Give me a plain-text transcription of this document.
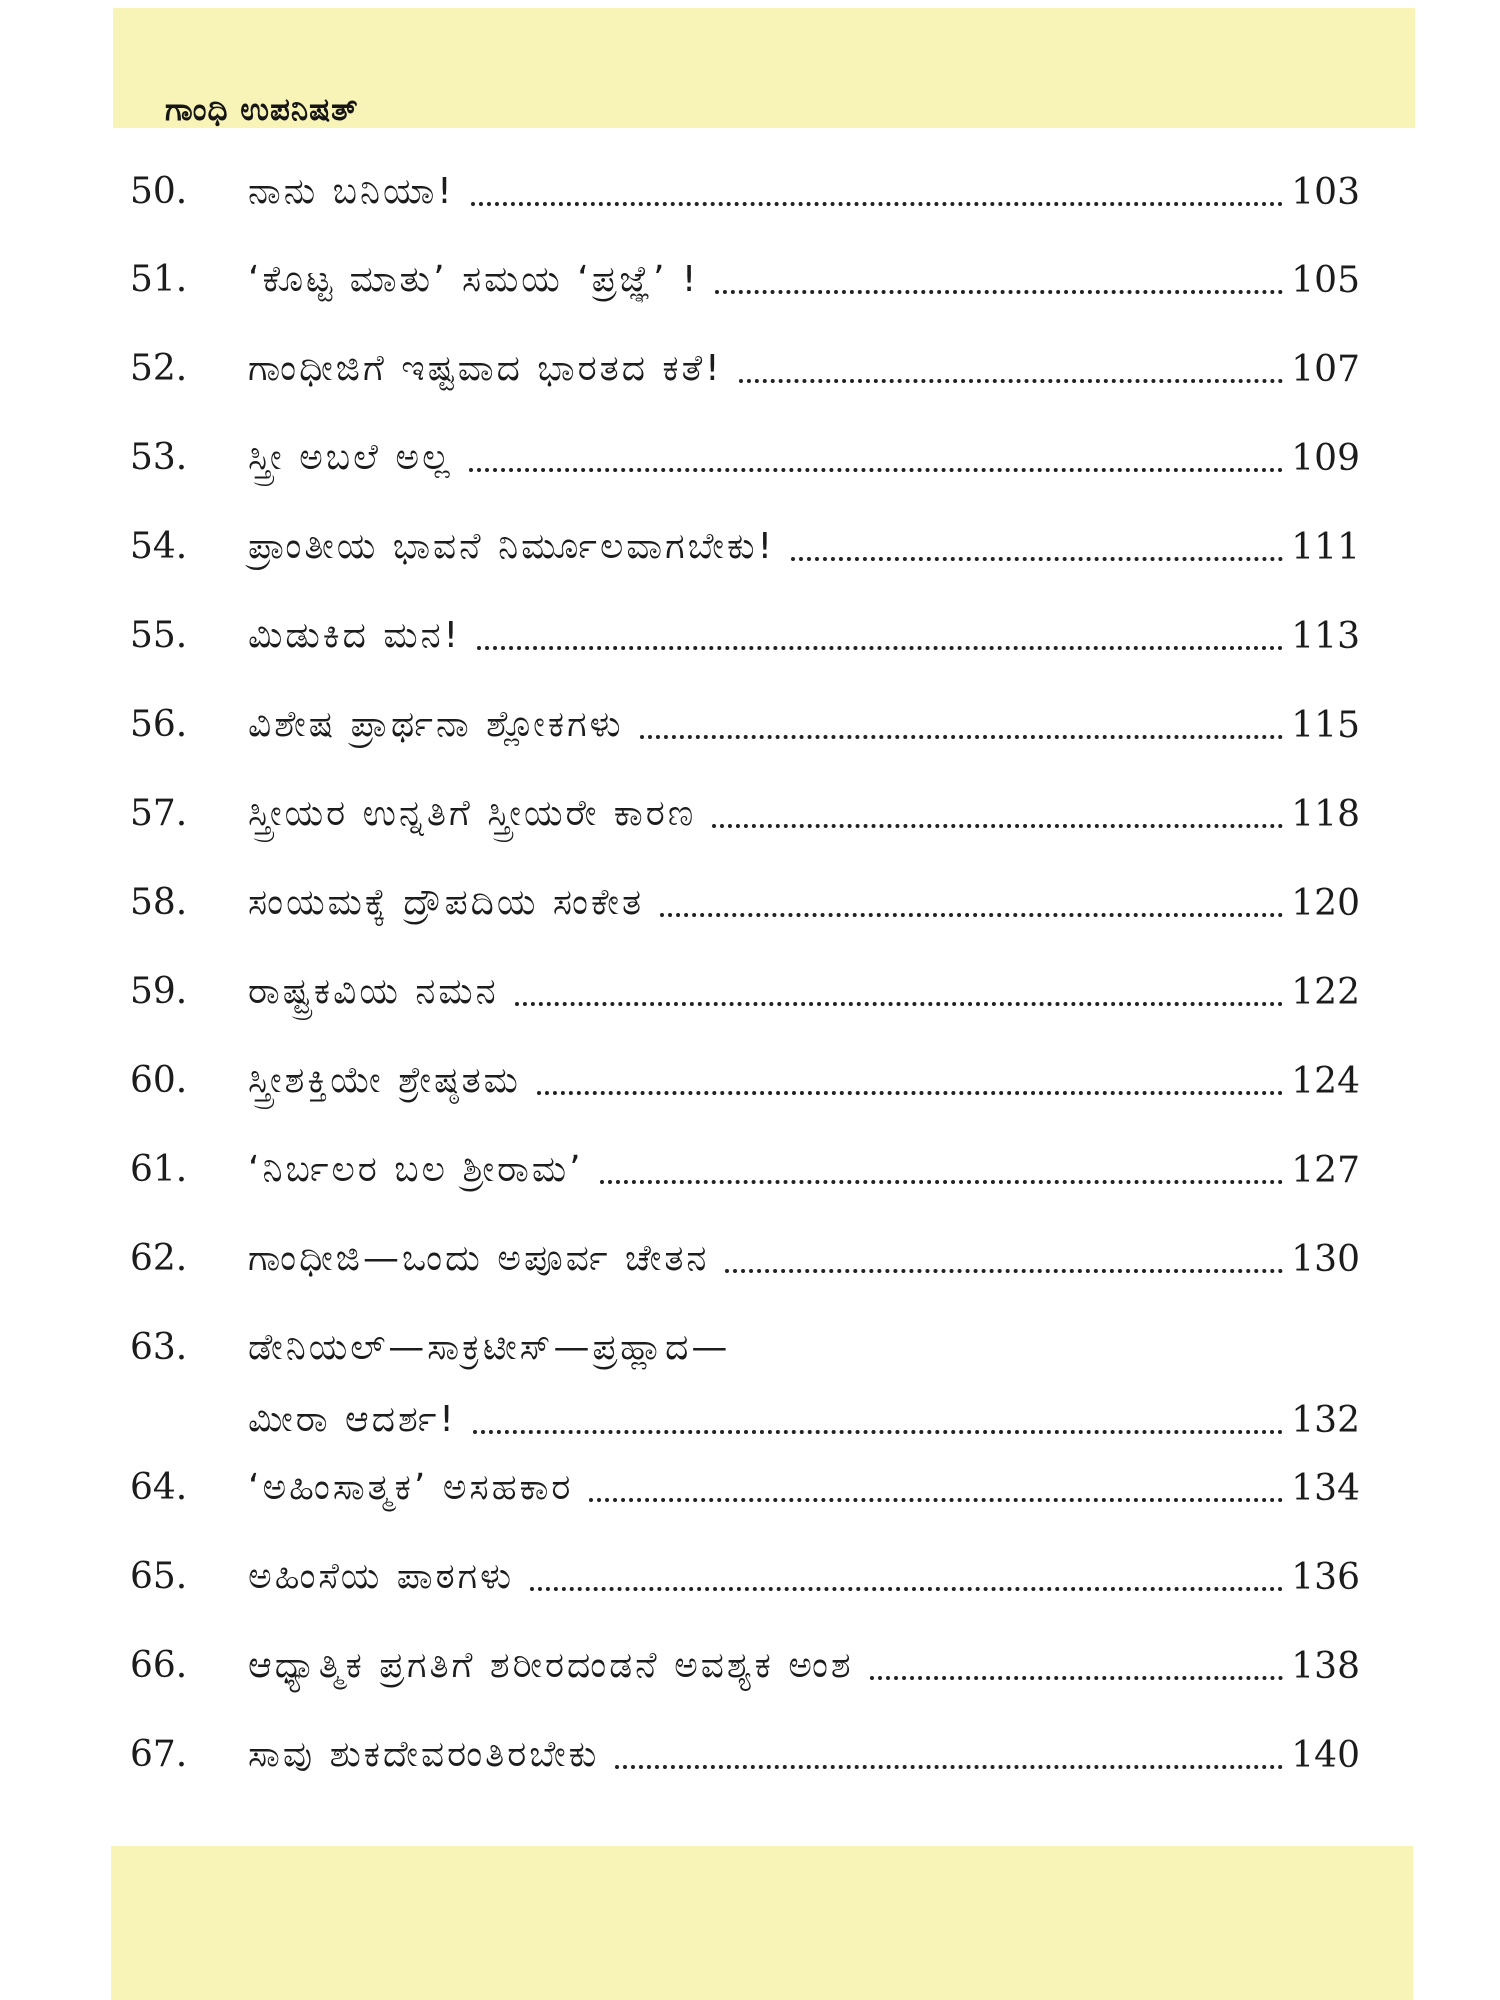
ಗಾಂಧಿ ಉಪನಿಷತ್
50.	ನಾನು ಬನಿಯಾ!	103
51.	‘ಕೊಟ್ಟ ಮಾತು’ ಸಮಯ ‘ಪ್ರಜ್ಞೆ’ !	105
52.	ಗಾಂಧೀಜಿಗೆ ಇಷ್ಟವಾದ ಭಾರತದ ಕತೆ!	107
53.	ಸ್ತ್ರೀ ಅಬಲೆ ಅಲ್ಲ	109
54.	ಪ್ರಾಂತೀಯ ಭಾವನೆ ನಿರ್ಮೂಲವಾಗಬೇಕು!	111
55.	ಮಿಡುಕಿದ ಮನ!	113
56.	ವಿಶೇಷ ಪ್ರಾರ್ಥನಾ ಶ್ಲೋಕಗಳು	115
57.	ಸ್ತ್ರೀಯರ ಉನ್ನತಿಗೆ ಸ್ತ್ರೀಯರೇ ಕಾರಣ	118
58.	ಸಂಯಮಕ್ಕೆ ದ್ರೌಪದಿಯ ಸಂಕೇತ	120
59.	ರಾಷ್ಟ್ರಕವಿಯ ನಮನ	122
60.	ಸ್ತ್ರೀಶಕ್ತಿಯೇ ಶ್ರೇಷ್ಠತಮ	124
61.	‘ನಿರ್ಬಲರ ಬಲ ಶ್ರೀರಾಮ’	127
62.	ಗಾಂಧೀಜಿ—ಒಂದು ಅಪೂರ್ವ ಚೇತನ	130
63.	ಡೇನಿಯಲ್—ಸಾಕ್ರಟೀಸ್—ಪ್ರಹ್ಲಾದ—
ಮೀರಾ ಆದರ್ಶ!	132
64.	‘ಅಹಿಂಸಾತ್ಮಕ’ ಅಸಹಕಾರ	134
65.	ಅಹಿಂಸೆಯ ಪಾಠಗಳು	136
66.	ಆಧ್ಯಾತ್ಮಿಕ ಪ್ರಗತಿಗೆ ಶರೀರದಂಡನೆ ಅವಶ್ಯಕ ಅಂಶ	138
67.	ಸಾವು ಶುಕದೇವರಂತಿರಬೇಕು	140
